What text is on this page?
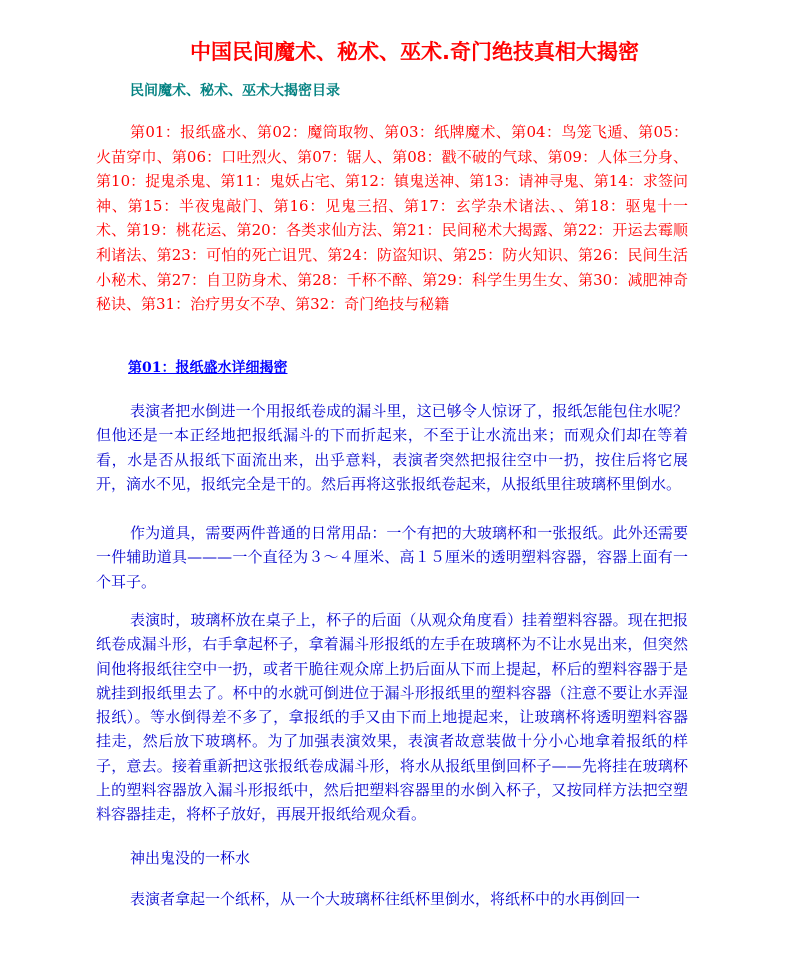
中国民间魔术、秘术、巫术.奇门绝技真相大揭密
民间魔术、秘术、巫术大揭密目录

第01：报纸盛水、第02：魔筒取物、第03：纸牌魔术、第04：鸟笼飞遁、第05：火苗穿巾、第06：口吐烈火、第07：锯人、第08：戳不破的气球、第09：人体三分身、第10：捉鬼杀鬼、第11：鬼妖占宅、第12：镇鬼送神、第13：请神寻鬼、第14：求签问神、第15：半夜鬼敲门、第16：见鬼三招、第17：玄学杂术诸法、、第18：驱鬼十一术、第19：桃花运、第20：各类求仙方法、第21：民间秘术大揭露、第22：开运去霉顺利诸法、第23：可怕的死亡诅咒、第24：防盗知识、第25：防火知识、第26：民间生活小秘术、第27：自卫防身术、第28：千杯不醉、第29：科学生男生女、第30：减肥神奇秘诀、第31：治疗男女不孕、第32：奇门绝技与秘籍

第01：报纸盛水详细揭密

表演者把水倒进一个用报纸卷成的漏斗里，这已够令人惊讶了，报纸怎能包住水呢？但他还是一本正经地把报纸漏斗的下而折起来，不至于让水流出来；而观众们却在等着看，水是否从报纸下面流出来，出乎意料，表演者突然把报往空中一扔，按住后将它展开，滴水不见，报纸完全是干的。然后再将这张报纸卷起来，从报纸里往玻璃杯里倒水。

作为道具，需要两件普通的日常用品：一个有把的大玻璃杯和一张报纸。此外还需要一件辅助道具———一个直径为３～４厘米、高１５厘米的透明塑料容器，容器上面有一个耳子。

表演时，玻璃杯放在桌子上，杯子的后面（从观众角度看）挂着塑料容器。现在把报纸卷成漏斗形，右手拿起杯子，拿着漏斗形报纸的左手在玻璃杯为不让水晃出来，但突然间他将报纸往空中一扔，或者干脆往观众席上扔后面从下而上提起，杯后的塑料容器于是就挂到报纸里去了。杯中的水就可倒进位于漏斗形报纸里的塑料容器（注意不要让水弄湿报纸）。等水倒得差不多了，拿报纸的手又由下而上地提起来，让玻璃杯将透明塑料容器挂走，然后放下玻璃杯。为了加强表演效果，表演者故意装做十分小心地拿着报纸的样子，意去。接着重新把这张报纸卷成漏斗形，将水从报纸里倒回杯子——先将挂在玻璃杯上的塑料容器放入漏斗形报纸中，然后把塑料容器里的水倒入杯子，又按同样方法把空塑料容器挂走，将杯子放好，再展开报纸给观众看。

神出鬼没的一杯水

表演者拿起一个纸杯，从一个大玻璃杯往纸杯里倒水，将纸杯中的水再倒回一
